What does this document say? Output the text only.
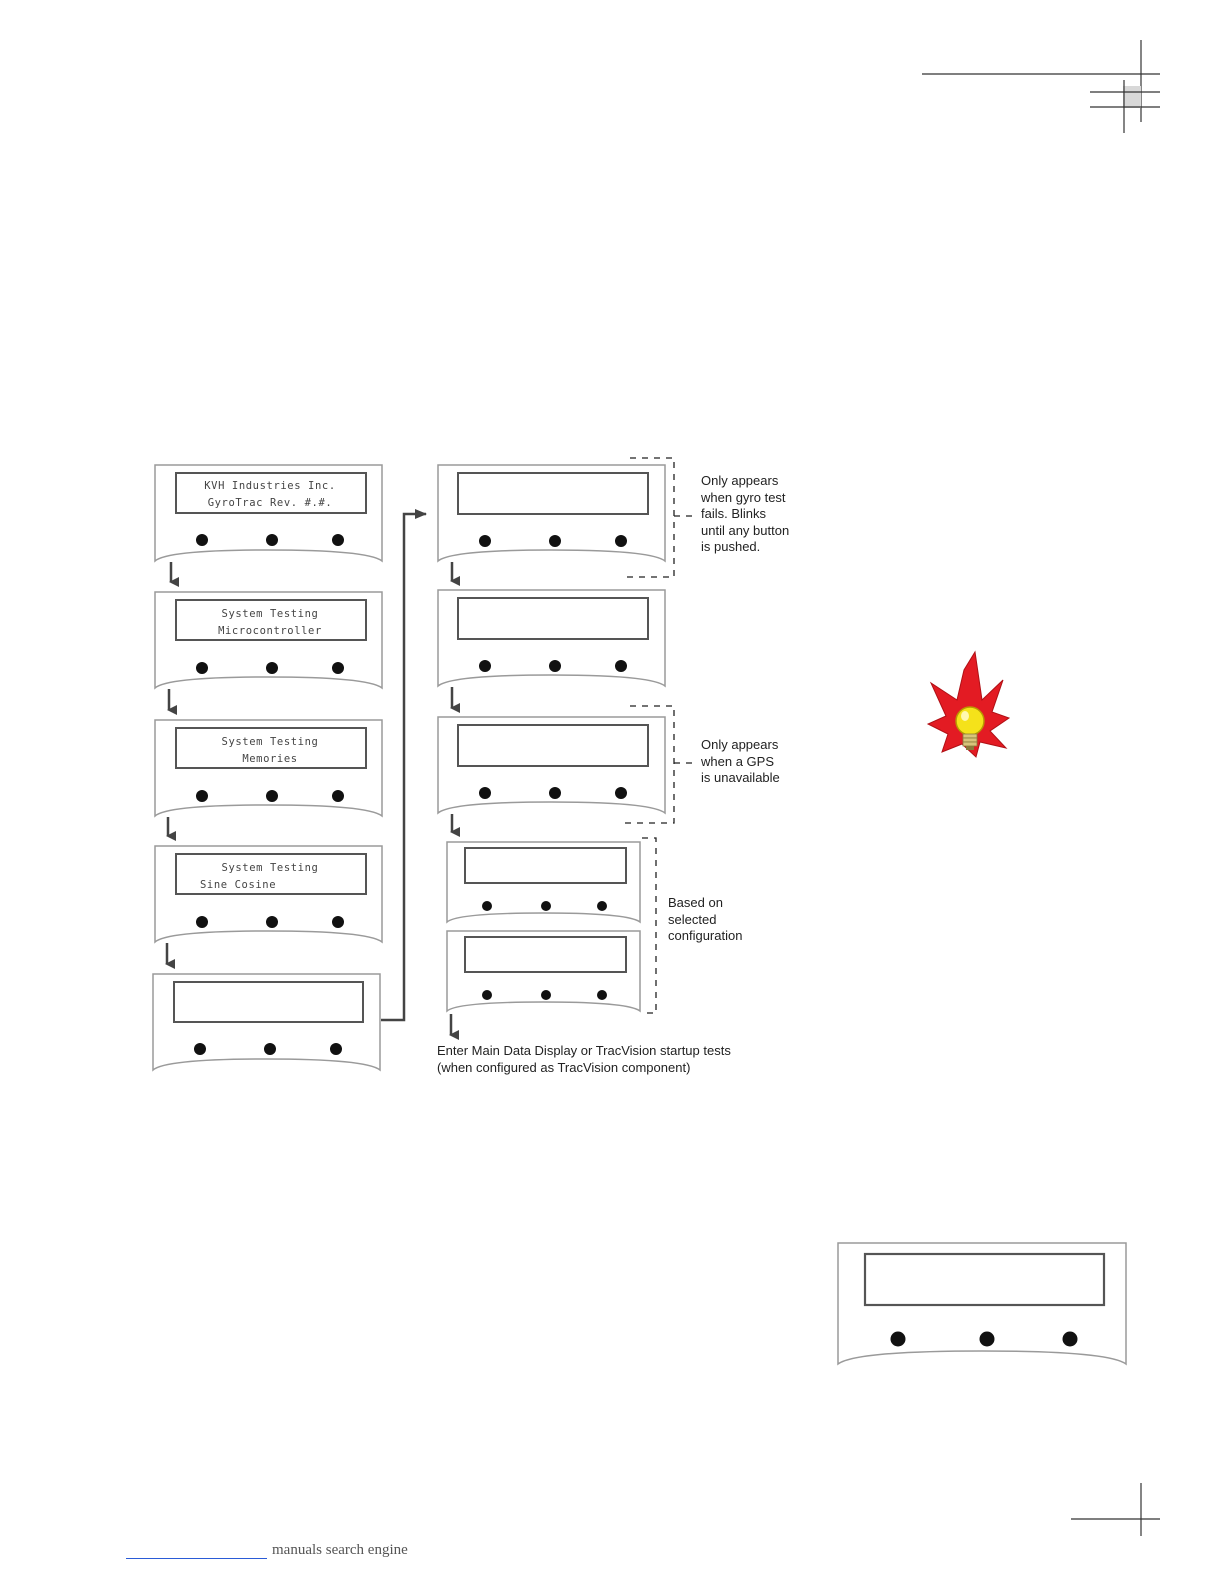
KVH Industries Inc.
GyroTrac Rev. #.#.
System Testing
Microcontroller
System Testing
Memories
System Testing
Sine Cosine
Only appears
when gyro test
fails. Blinks
until any button
is pushed.
Only appears
when a GPS
is unavailable
Based on
selected
configuration
Enter Main Data Display or TracVision startup tests
(when configured as TracVision component)
manuals search engine
